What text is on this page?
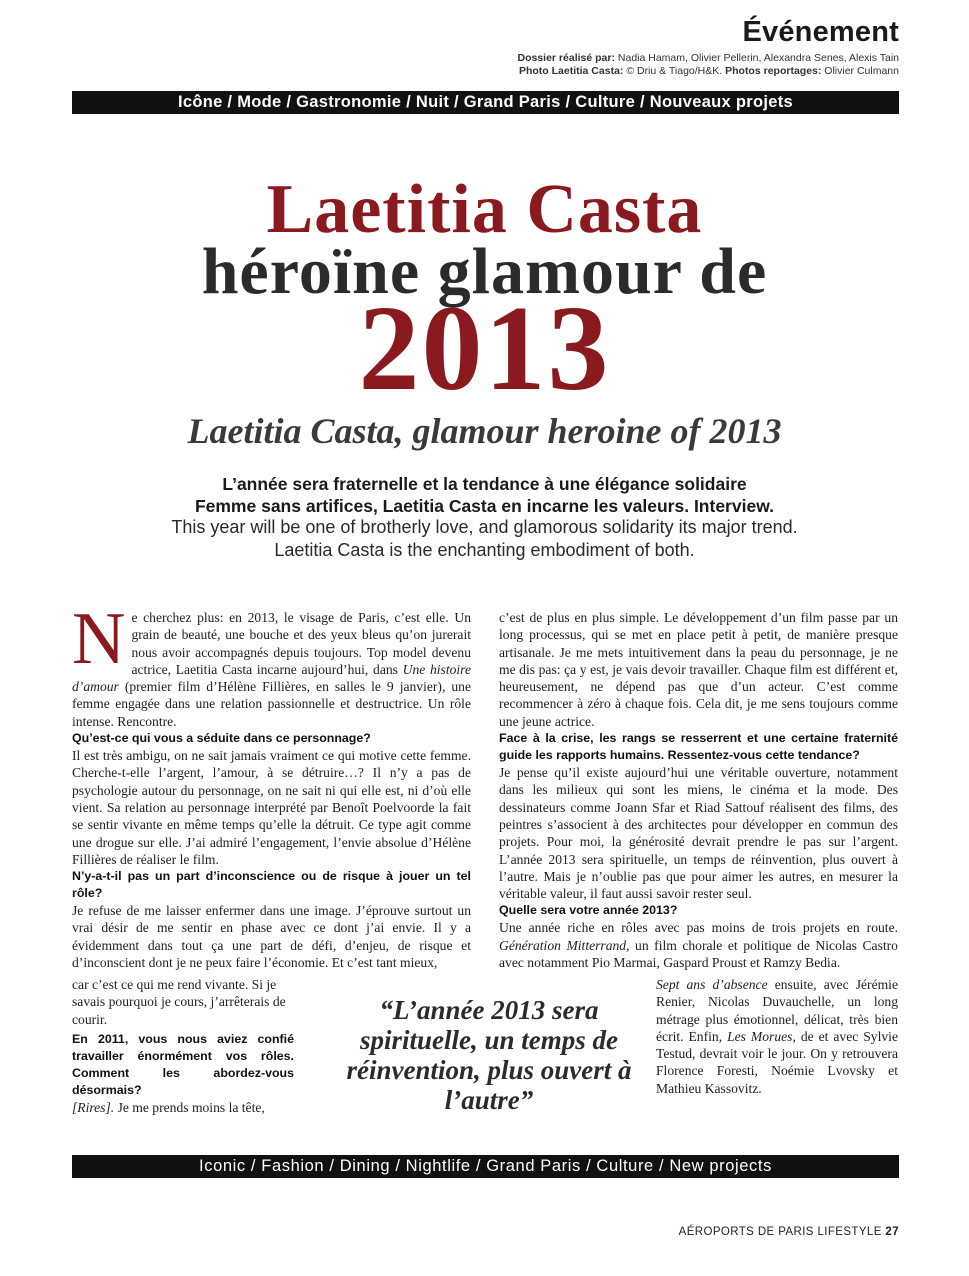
Événement
Dossier réalisé par: Nadia Hamam, Olivier Pellerin, Alexandra Senes, Alexis Tain
Photo Laetitia Casta: © Driu & Tiago/H&K. Photos reportages: Olivier Culmann
Icône / Mode / Gastronomie / Nuit / Grand Paris / Culture / Nouveaux projets
Laetitia Casta
héroïne glamour de
2013
Laetitia Casta, glamour heroine of 2013
L’année sera fraternelle et la tendance à une élégance solidaire
Femme sans artifices, Laetitia Casta en incarne les valeurs. Interview.
This year will be one of brotherly love, and glamorous solidarity its major trend.
Laetitia Casta is the enchanting embodiment of both.

Ne cherchez plus: en 2013, le visage de Paris, c’est elle. Un grain de beauté, une bouche et des yeux bleus qu’on jurerait nous avoir accompagnés depuis toujours. Top model devenu actrice, Laetitia Casta incarne aujourd’hui, dans Une histoire d’amour (premier film d’Hélène Fillières, en salles le 9 janvier), une femme engagée dans une relation passionnelle et destructrice. Un rôle intense. Rencontre.

Qu’est-ce qui vous a séduite dans ce personnage?

Il est très ambigu, on ne sait jamais vraiment ce qui motive cette femme. Cherche-t-elle l’argent, l’amour, à se détruire…? Il n’y a pas de psychologie autour du personnage, on ne sait ni qui elle est, ni d’où elle vient. Sa relation au personnage interprété par Benoît Poelvoorde la fait se sentir vivante en même temps qu’elle la détruit. Ce type agit comme une drogue sur elle. J’ai admiré l’engagement, l’envie absolue d’Hélène Fillières de réaliser le film.

N’y-a-t-il pas un part d’inconscience ou de risque à jouer un tel rôle?

Je refuse de me laisser enfermer dans une image. J’éprouve surtout un vrai désir de me sentir en phase avec ce dont j’ai envie. Il y a évidemment dans tout ça une part de défi, d’enjeu, de risque et d’inconscient dont je ne peux faire l’économie. Et c’est tant mieux,

car c’est ce qui me rend vivante. Si je savais pourquoi je cours, j’arrêterais de courir.

En 2011, vous nous aviez confié travailler énormément vos rôles. Comment les abordez-vous désormais?

[Rires]. Je me prends moins la tête,

c’est de plus en plus simple. Le développement d’un film passe par un long processus, qui se met en place petit à petit, de manière presque artisanale. Je me mets intuitivement dans la peau du personnage, je ne me dis pas: ça y est, je vais devoir travailler. Chaque film est différent et, heureusement, ne dépend pas que d’un acteur. C’est comme recommencer à zéro à chaque fois. Cela dit, je me sens toujours comme une jeune actrice.

Face à la crise, les rangs se resserrent et une certaine fraternité guide les rapports humains. Ressentez-vous cette tendance?

Je pense qu’il existe aujourd’hui une véritable ouverture, notamment dans les milieux qui sont les miens, le cinéma et la mode. Des dessinateurs comme Joann Sfar et Riad Sattouf réalisent des films, des peintres s’associent à des architectes pour développer en commun des projets. Pour moi, la générosité devrait prendre le pas sur l’argent. L’année 2013 sera spirituelle, un temps de réinvention, plus ouvert à l’autre. Mais je n’oublie pas que pour aimer les autres, en mesurer la véritable valeur, il faut aussi savoir rester seul.

Quelle sera votre année 2013?

Une année riche en rôles avec pas moins de trois projets en route. Génération Mitterrand, un film chorale et politique de Nicolas Castro avec notamment Pio Marmai, Gaspard Proust et Ramzy Bedia.

Sept ans d’absence ensuite, avec Jérémie Renier, Nicolas Duvauchelle, un long métrage plus émotionnel, délicat, très bien écrit. Enfin, Les Morues, de et avec Sylvie Testud, devrait voir le jour. On y retrouvera Florence Foresti, Noémie Lvovsky et Mathieu Kassovitz.

“L’année 2013 sera spirituelle, un temps de réinvention, plus ouvert à l’autre”
Iconic / Fashion / Dining / Nightlife / Grand Paris / Culture / New projects
AÉROPORTS DE PARIS LIFESTYLE 27
